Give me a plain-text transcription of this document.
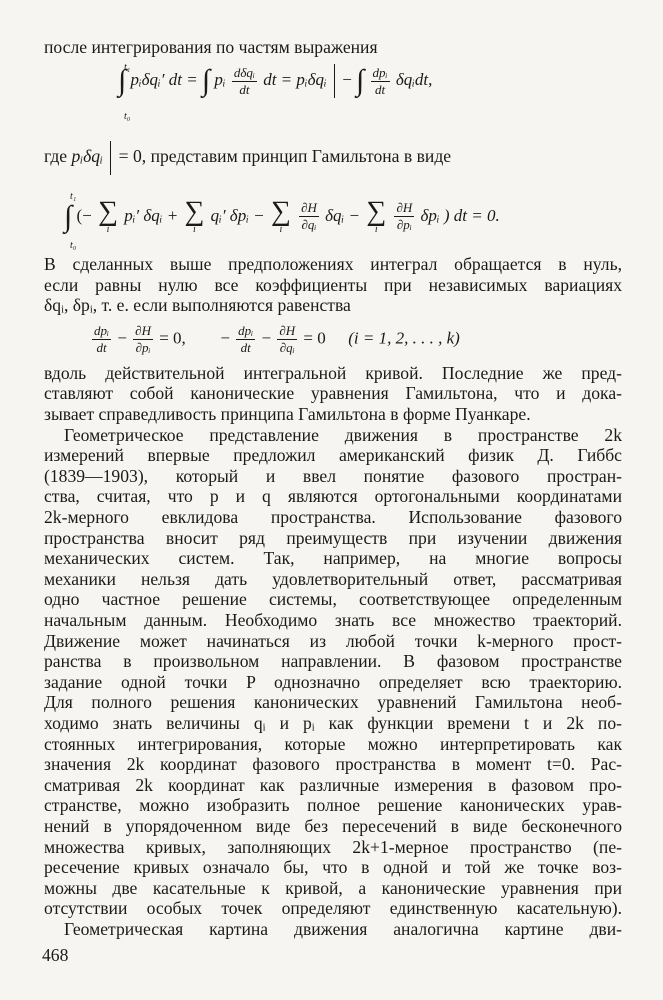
после интегрирования по частям выражения
∫ pᵢδqᵢ′ dt = ∫ pᵢ $\frac{\text{dδqᵢ}}{dt}$ dt = pᵢδqᵢ − ∫ $\frac{\text{dpᵢ}}{dt}$ δqᵢdt,
t₁
t₀
где pᵢδqᵢ = 0, представим принцип Гамильтона в виде
∫ (− ∑
i
pᵢ′ δqᵢ + ∑
i
qᵢ′ δpᵢ − ∑
i
	$\frac{\partial H}{\text{∂qᵢ}}$ δqᵢ − ∑
i
	$\frac{\partial H}{\text{∂pᵢ}}$ δpᵢ ) dt = 0.
t₁
t₀
В сделанных выше предположениях интеграл обращается в нуль,
если равны нулю все коэффициенты при независимых вариациях
δqᵢ, δpᵢ, т. е. если выполняются равенства
$\frac{\text{dpᵢ}}{dt} - \frac{\partial H}{\text{∂pᵢ}} = 0$, − $\frac{\text{dpᵢ}}{dt} - \frac{\partial H}{\text{∂qᵢ}} = 0$ (i = 1, 2, . . . , k)
вдоль действительной интегральной кривой. Последние же пред-
ставляют собой канонические уравнения Гамильтона, что и дока-
зывает справедливость принципа Гамильтона в форме Пуанкаре.
Геометрическое представление движения в пространстве 2k
измерений впервые предложил американский физик Д. Гиббс
(1839—1903), который и ввел понятие фазового простран-
ства, считая, что p и q являются ортогональными координатами
2k-мерного евклидова пространства. Использование фазового
пространства вносит ряд преимуществ при изучении движения
механических систем. Так, например, на многие вопросы
механики нельзя дать удовлетворительный ответ, рассматривая
одно частное решение системы, соответствующее определенным
начальным данным. Необходимо знать все множество траекторий.
Движение может начинаться из любой точки k-мерного прост-
ранства в произвольном направлении. В фазовом пространстве
задание одной точки P однозначно определяет всю траекторию.
Для полного решения канонических уравнений Гамильтона необ-
ходимо знать величины qᵢ и pᵢ как функции времени t и 2k по-
стоянных интегрирования, которые можно интерпретировать как
значения 2k координат фазового пространства в момент t=0. Рас-
сматривая 2k координат как различные измерения в фазовом про-
странстве, можно изобразить полное решение канонических урав-
нений в упорядоченном виде без пересечений в виде бесконечного
множества кривых, заполняющих 2k+1-мерное пространство (пе-
ресечение кривых означало бы, что в одной и той же точке воз-
можны две касательные к кривой, а канонические уравнения при
отсутствии особых точек определяют единственную касательную).
Геометрическая картина движения аналогична картине дви-
468
